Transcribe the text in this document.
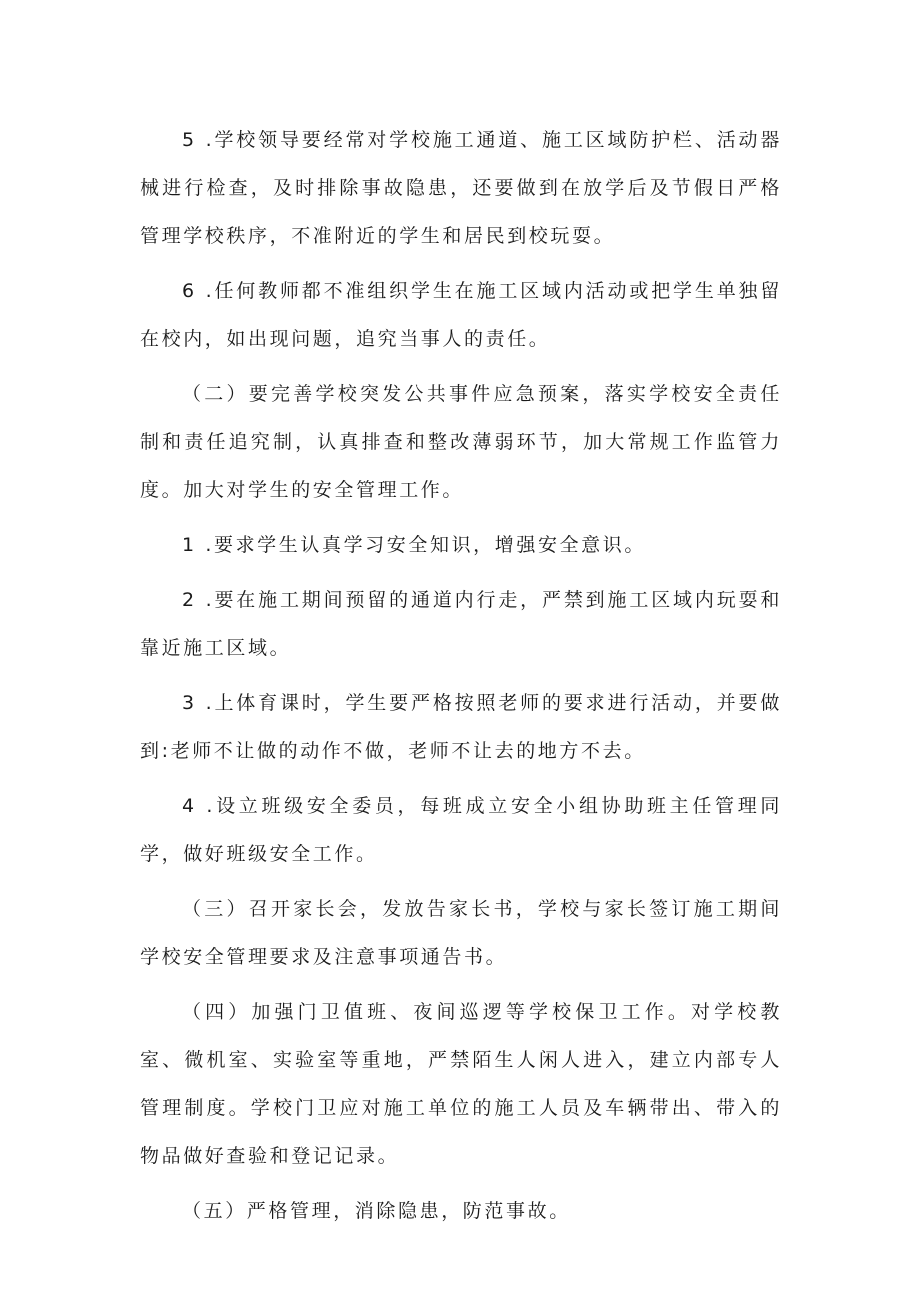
5 .学校领导要经常对学校施工通道、施工区域防护栏、活动器械进行检查，及时排除事故隐患，还要做到在放学后及节假日严格管理学校秩序，不准附近的学生和居民到校玩耍。

6 .任何教师都不准组织学生在施工区域内活动或把学生单独留在校内，如出现问题，追究当事人的责任。

（二）要完善学校突发公共事件应急预案，落实学校安全责任制和责任追究制，认真排查和整改薄弱环节，加大常规工作监管力度。加大对学生的安全管理工作。

1 .要求学生认真学习安全知识，增强安全意识。

2 .要在施工期间预留的通道内行走，严禁到施工区域内玩耍和靠近施工区域。

3 .上体育课时，学生要严格按照老师的要求进行活动，并要做到:老师不让做的动作不做，老师不让去的地方不去。

4 .设立班级安全委员，每班成立安全小组协助班主任管理同学，做好班级安全工作。

（三）召开家长会，发放告家长书，学校与家长签订施工期间学校安全管理要求及注意事项通告书。

（四）加强门卫值班、夜间巡逻等学校保卫工作。对学校教室、微机室、实验室等重地，严禁陌生人闲人进入，建立内部专人管理制度。学校门卫应对施工单位的施工人员及车辆带出、带入的物品做好查验和登记记录。

（五）严格管理，消除隐患，防范事故。
